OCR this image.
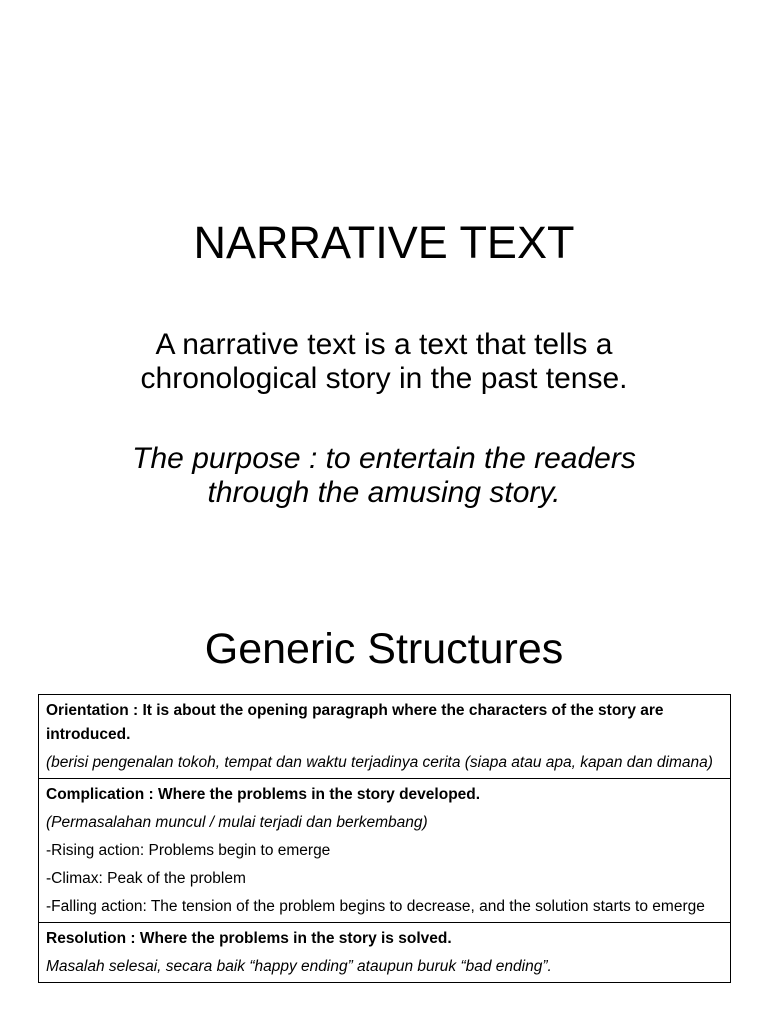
NARRATIVE TEXT
A narrative text is a text that tells a
chronological story in the past tense.
The purpose : to entertain the readers
through the amusing story.
Generic Structures

Orientation : It is about the opening paragraph where the characters of the story are introduced.

(berisi pengenalan tokoh, tempat dan waktu terjadinya cerita (siapa atau apa, kapan dan dimana)

Complication : Where the problems in the story developed.

(Permasalahan muncul / mulai terjadi dan berkembang)

-Rising action: Problems begin to emerge

-Climax: Peak of the problem

-Falling action: The tension of the problem begins to decrease, and the solution starts to emerge

Resolution : Where the problems in the story is solved.

Masalah selesai, secara baik “happy ending” ataupun buruk “bad ending”.
